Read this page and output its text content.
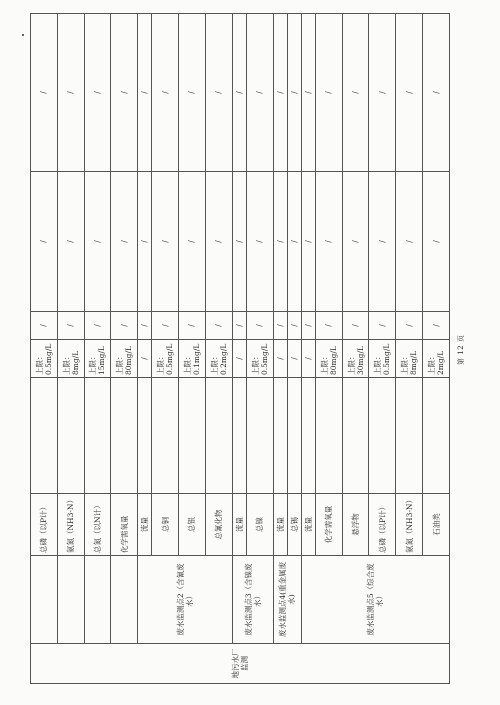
地污水厂监测		总磷（以P计）		上限：0.5mg/L	/	/	/
		氨氮（NH3-N）		上限：8mg/L	/	/	/
		总氮（以N计）		上限：15mg/L	/	/	/
		化学需氧量		上限：80mg/L	/	/	/
	废水监测点2（含氰废水）	流量		/	/	/	/
		总铜		上限：0.5mg/L	/	/	/
		总银		上限：0.1mg/L	/	/	/
		总氰化物		上限：0.2mg/L	/	/	/
	废水监测点3（含镍废水）	流量		/	/	/	/
		总镍		上限：0.5mg/L	/	/	/
	废水监测点4(重金属废水)	流量		/	/	/	/
		总锡		/	/	/	/
	废水监测点5（综合废水）	流量		/	/	/	/
		化学需氧量		上限：80mg/L	/	/	/
		悬浮物		上限：30mg/L	/	/	/
		总磷（以P计）		上限：0.5mg/L	/	/	/
		氨氮（NH3-N）		上限：8mg/L	/	/	/
		石油类		上限：2mg/L	/	/	/
第 12 页
